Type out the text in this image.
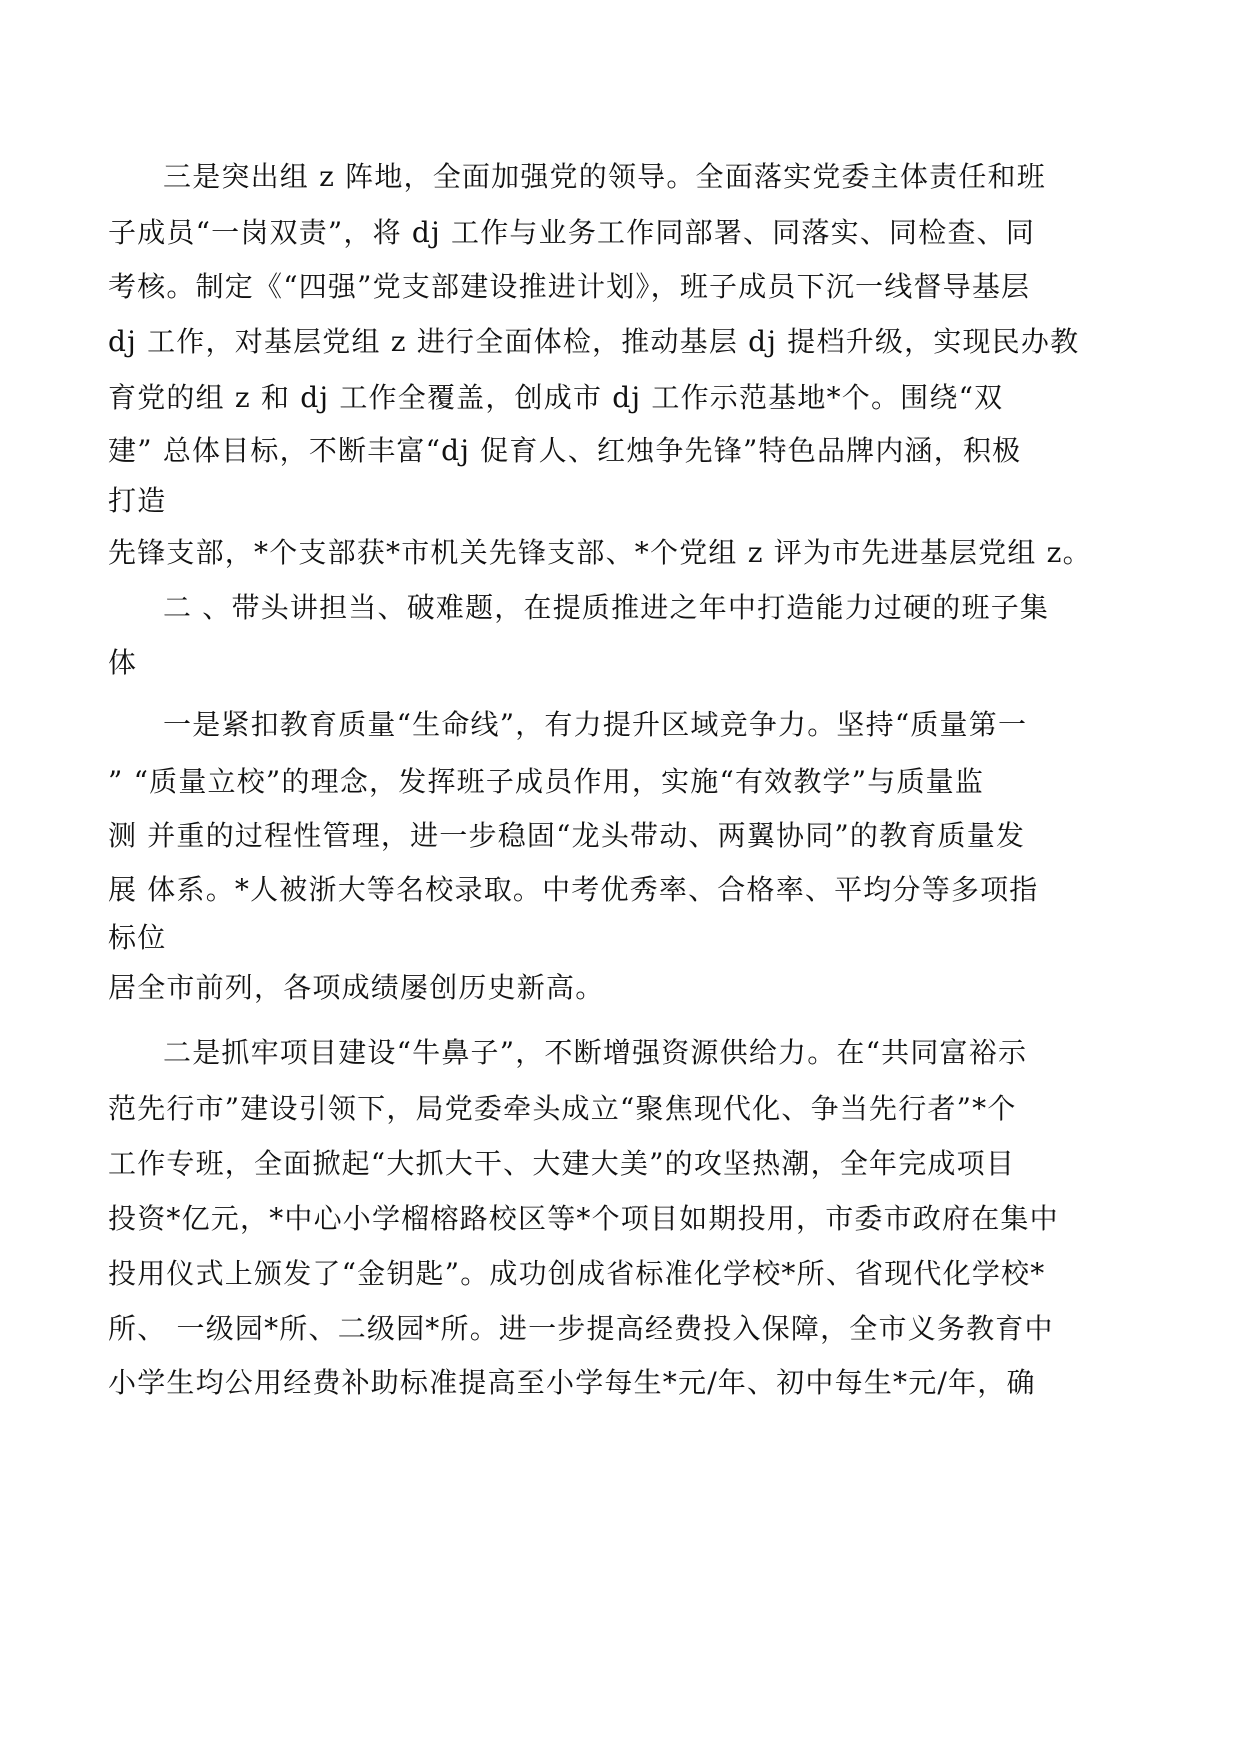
三是突出组 z 阵地，全面加强党的领导。全面落实党委主体责任和班

子成员“一岗双责”，将 dj 工作与业务工作同部署、同落实、同检查、同

考核。制定《“四强”党支部建设推进计划》，班子成员下沉一线督导基层

dj 工作，对基层党组 z 进行全面体检，推动基层 dj 提档升级，实现民办教

育党的组 z 和 dj 工作全覆盖，创成市 dj 工作示范基地*个。围绕“双

建” 总体目标，不断丰富“dj 促育人、红烛争先锋”特色品牌内涵，积极

打造

先锋支部，*个支部获*市机关先锋支部、*个党组 z 评为市先进基层党组 z。

二 、带头讲担当、破难题，在提质推进之年中打造能力过硬的班子集

体

一是紧扣教育质量“生命线”，有力提升区域竞争力。坚持“质量第一

” “质量立校”的理念，发挥班子成员作用，实施“有效教学”与质量监

测 并重的过程性管理，进一步稳固“龙头带动、两翼协同”的教育质量发

展 体系。*人被浙大等名校录取。中考优秀率、合格率、平均分等多项指

标位

居全市前列，各项成绩屡创历史新高。

二是抓牢项目建设“牛鼻子”，不断增强资源供给力。在“共同富裕示

范先行市”建设引领下，局党委牵头成立“聚焦现代化、争当先行者”*个

工作专班，全面掀起“大抓大干、大建大美”的攻坚热潮，全年完成项目

投资*亿元，*中心小学榴榕路校区等*个项目如期投用，市委市政府在集中

投用仪式上颁发了“金钥匙”。成功创成省标准化学校*所、省现代化学校*

所、 一级园*所、二级园*所。进一步提高经费投入保障，全市义务教育中

小学生均公用经费补助标准提高至小学每生*元/年、初中每生*元/年，确
